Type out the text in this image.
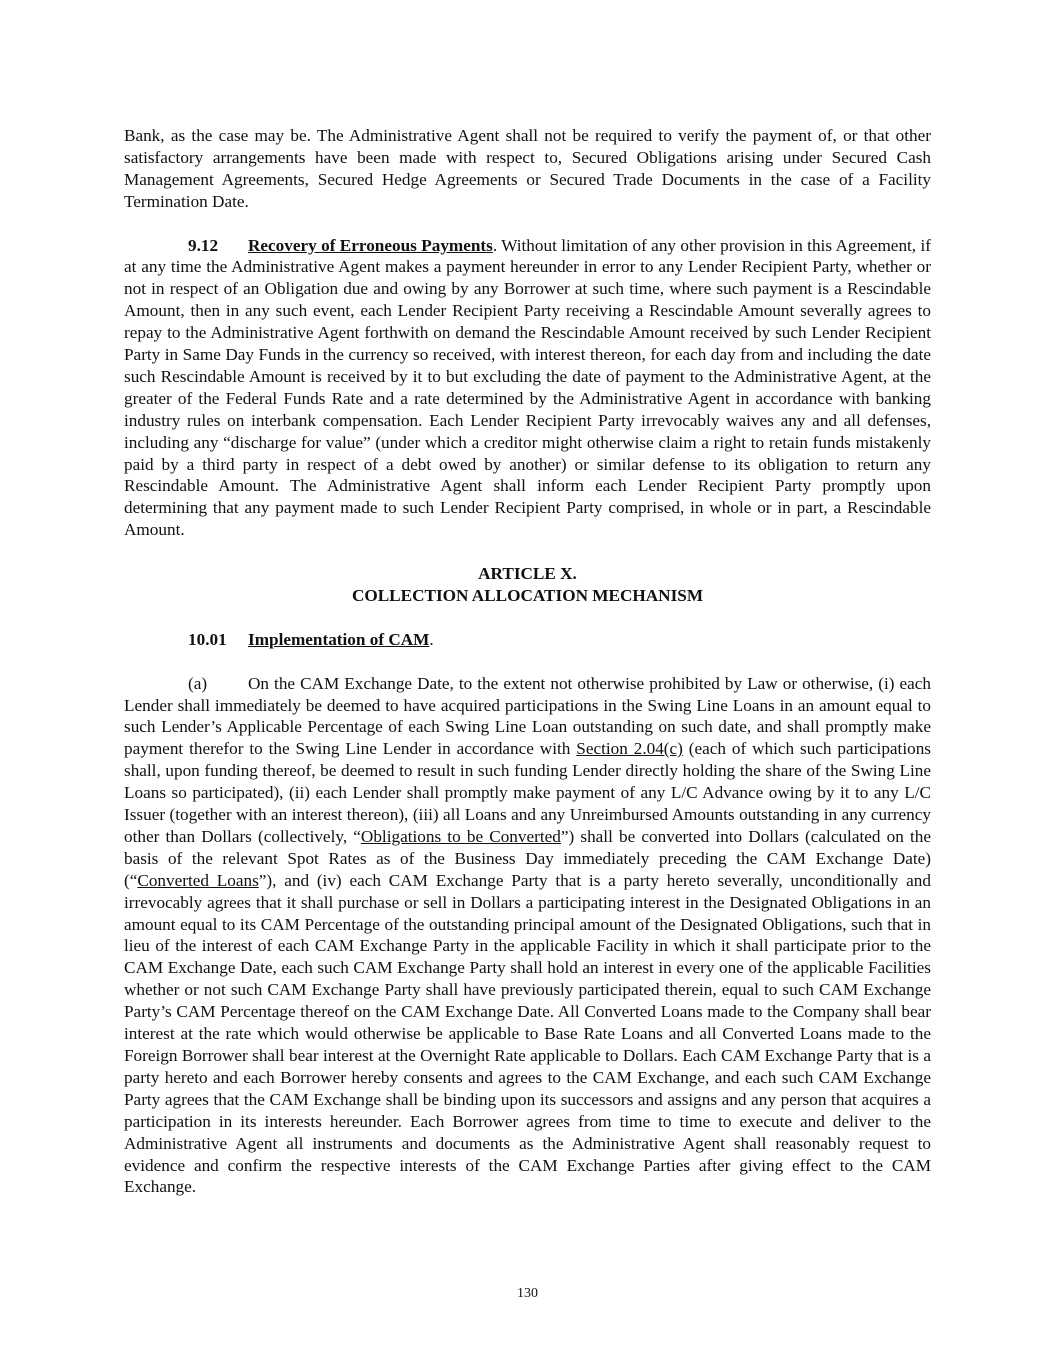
Bank, as the case may be. The Administrative Agent shall not be required to verify the payment of, or that other satisfactory arrangements have been made with respect to, Secured Obligations arising under Secured Cash Management Agreements, Secured Hedge Agreements or Secured Trade Documents in the case of a Facility Termination Date.

9.12 Recovery of Erroneous Payments. Without limitation of any other provision in this Agreement, if at any time the Administrative Agent makes a payment hereunder in error to any Lender Recipient Party, whether or not in respect of an Obligation due and owing by any Borrower at such time, where such payment is a Rescindable Amount, then in any such event, each Lender Recipient Party receiving a Rescindable Amount severally agrees to repay to the Administrative Agent forthwith on demand the Rescindable Amount received by such Lender Recipient Party in Same Day Funds in the currency so received, with interest thereon, for each day from and including the date such Rescindable Amount is received by it to but excluding the date of payment to the Administrative Agent, at the greater of the Federal Funds Rate and a rate determined by the Administrative Agent in accordance with banking industry rules on interbank compensation. Each Lender Recipient Party irrevocably waives any and all defenses, including any “discharge for value” (under which a creditor might otherwise claim a right to retain funds mistakenly paid by a third party in respect of a debt owed by another) or similar defense to its obligation to return any Rescindable Amount. The Administrative Agent shall inform each Lender Recipient Party promptly upon determining that any payment made to such Lender Recipient Party comprised, in whole or in part, a Rescindable Amount.

ARTICLE X.
COLLECTION ALLOCATION MECHANISM

10.01 Implementation of CAM.

(a) On the CAM Exchange Date, to the extent not otherwise prohibited by Law or otherwise, (i) each Lender shall immediately be deemed to have acquired participations in the Swing Line Loans in an amount equal to such Lender’s Applicable Percentage of each Swing Line Loan outstanding on such date, and shall promptly make payment therefor to the Swing Line Lender in accordance with Section 2.04(c) (each of which such participations shall, upon funding thereof, be deemed to result in such funding Lender directly holding the share of the Swing Line Loans so participated), (ii) each Lender shall promptly make payment of any L/C Advance owing by it to any L/C Issuer (together with an interest thereon), (iii) all Loans and any Unreimbursed Amounts outstanding in any currency other than Dollars (collectively, “Obligations to be Converted”) shall be converted into Dollars (calculated on the basis of the relevant Spot Rates as of the Business Day immediately preceding the CAM Exchange Date) (“Converted Loans”), and (iv) each CAM Exchange Party that is a party hereto severally, unconditionally and irrevocably agrees that it shall purchase or sell in Dollars a participating interest in the Designated Obligations in an amount equal to its CAM Percentage of the outstanding principal amount of the Designated Obligations, such that in lieu of the interest of each CAM Exchange Party in the applicable Facility in which it shall participate prior to the CAM Exchange Date, each such CAM Exchange Party shall hold an interest in every one of the applicable Facilities whether or not such CAM Exchange Party shall have previously participated therein, equal to such CAM Exchange Party’s CAM Percentage thereof on the CAM Exchange Date. All Converted Loans made to the Company shall bear interest at the rate which would otherwise be applicable to Base Rate Loans and all Converted Loans made to the Foreign Borrower shall bear interest at the Overnight Rate applicable to Dollars. Each CAM Exchange Party that is a party hereto and each Borrower hereby consents and agrees to the CAM Exchange, and each such CAM Exchange Party agrees that the CAM Exchange shall be binding upon its successors and assigns and any person that acquires a participation in its interests hereunder. Each Borrower agrees from time to time to execute and deliver to the Administrative Agent all instruments and documents as the Administrative Agent shall reasonably request to evidence and confirm the respective interests of the CAM Exchange Parties after giving effect to the CAM Exchange.

130
